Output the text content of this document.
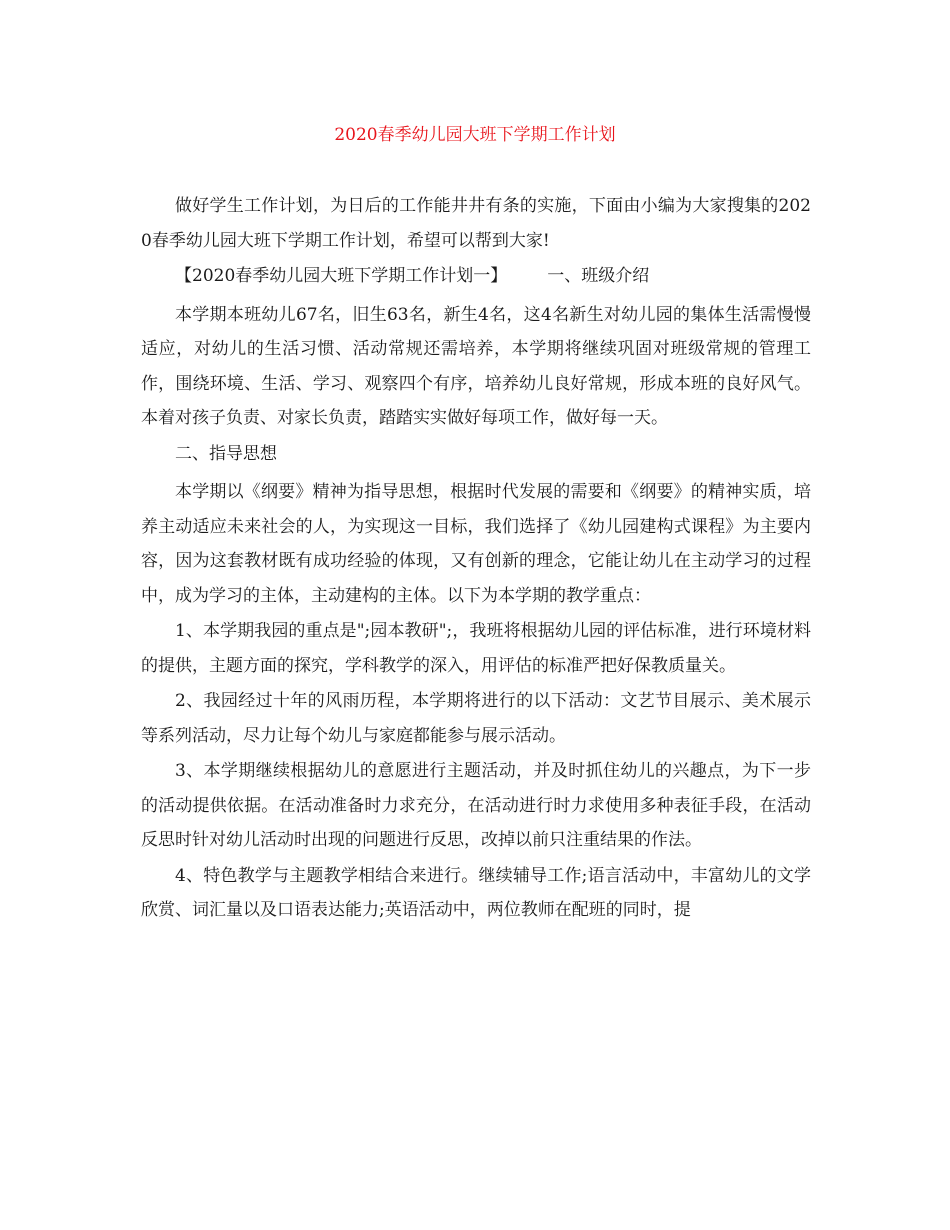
2020春季幼儿园大班下学期工作计划

做好学生工作计划，为日后的工作能井井有条的实施，下面由小编为大家搜集的2020春季幼儿园大班下学期工作计划，希望可以帮到大家!

【2020春季幼儿园大班下学期工作计划一】 一、班级介绍

本学期本班幼儿67名，旧生63名，新生4名，这4名新生对幼儿园的集体生活需慢慢适应，对幼儿的生活习惯、活动常规还需培养，本学期将继续巩固对班级常规的管理工作，围绕环境、生活、学习、观察四个有序，培养幼儿良好常规，形成本班的良好风气。本着对孩子负责、对家长负责，踏踏实实做好每项工作，做好每一天。

二、指导思想

本学期以《纲要》精神为指导思想，根据时代发展的需要和《纲要》的精神实质，培养主动适应未来社会的人，为实现这一目标，我们选择了《幼儿园建构式课程》为主要内容，因为这套教材既有成功经验的体现，又有创新的理念，它能让幼儿在主动学习的过程中，成为学习的主体，主动建构的主体。以下为本学期的教学重点：

1、本学期我园的重点是";园本教研";，我班将根据幼儿园的评估标准，进行环境材料的提供，主题方面的探究，学科教学的深入，用评估的标准严把好保教质量关。

2、我园经过十年的风雨历程，本学期将进行的以下活动：文艺节目展示、美术展示等系列活动，尽力让每个幼儿与家庭都能参与展示活动。

3、本学期继续根据幼儿的意愿进行主题活动，并及时抓住幼儿的兴趣点，为下一步的活动提供依据。在活动准备时力求充分，在活动进行时力求使用多种表征手段，在活动反思时针对幼儿活动时出现的问题进行反思，改掉以前只注重结果的作法。

4、特色教学与主题教学相结合来进行。继续辅导工作;语言活动中，丰富幼儿的文学欣赏、词汇量以及口语表达能力;英语活动中，两位教师在配班的同时，提
